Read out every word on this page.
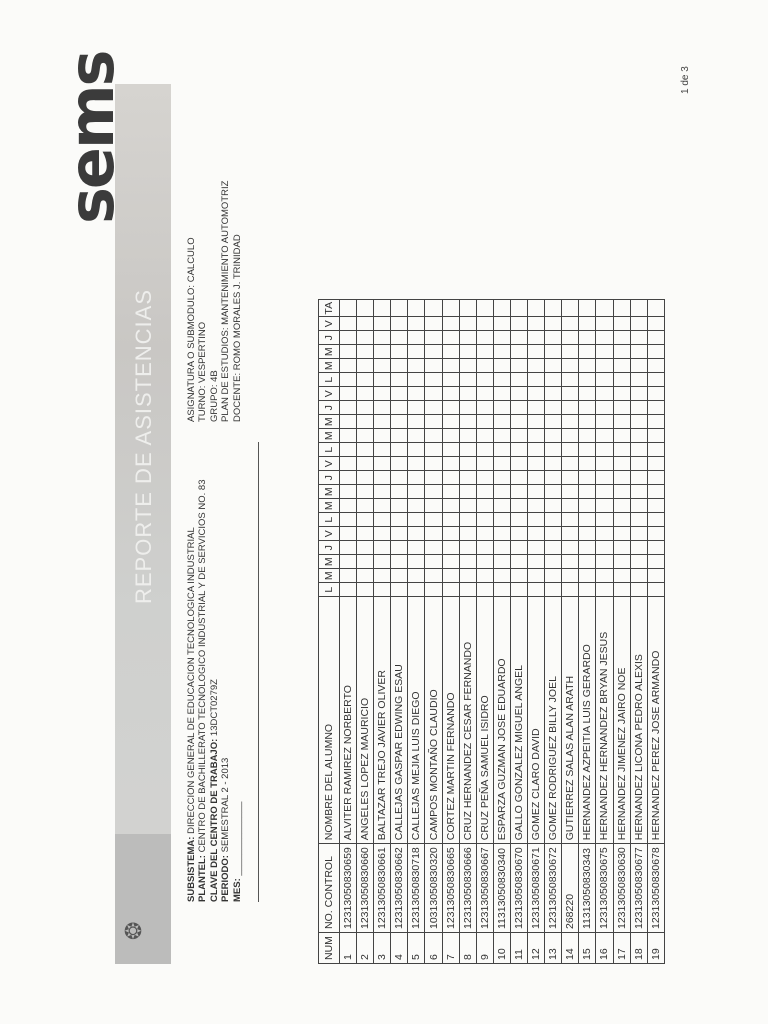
REPORTE DE ASISTENCIAS
❂
sems
SUBSISTEMA: DIRECCION GENERAL DE EDUCACION TECNOLOGICA INDUSTRIAL
PLANTEL: CENTRO DE BACHILLERATO TECNOLOGICO INDUSTRIAL Y DE SERVICIOS NO. 83 CLAVE DEL CENTRO DE TRABAJO: 13DCT0279Z
PERIODO: SEMESTRAL 2 - 2013
MES: ______________
ASIGNATURA O SUBMODULO: CALCULO
TURNO: VESPERTINO
GRUPO: 4B PLAN DE ESTUDIOS: MANTENIMIENTO AUTOMOTRIZ
DOCENTE: ROMO MORALES J. TRINIDAD
NUM	NO. CONTROL	NOMBRE DEL ALUMNO	L	M	M	J	V	L	M	M	J	V	L	M	M	J	V	L	M	M	J	V	TA
1	12313050830659	ALVITER RAMIREZ NORBERTO																					
2	12313050830660	ANGELES LOPEZ MAURICIO																					
3	12313050830661	BALTAZAR TREJO JAVIER OLIVER																					
4	12313050830662	CALLEJAS GASPAR EDWING ESAU																					
5	12313050830718	CALLEJAS MEJIA LUIS DIEGO																					
6	10313050830320	CAMPOS MONTAÑO CLAUDIO																					
7	12313050830665	CORTEZ MARTIN FERNANDO																					
8	12313050830666	CRUZ HERNANDEZ CESAR FERNANDO																					
9	12313050830667	CRUZ PEÑA SAMUEL ISIDRO																					
10	11313050830340	ESPARZA GUZMAN JOSE EDUARDO																					
11	12313050830670	GALLO GONZALEZ MIGUEL ANGEL																					
12	12313050830671	GOMEZ CLARO DAVID																					
13	12313050830672	GOMEZ RODRIGUEZ BILLY JOEL																					
14	268220	GUTIERREZ SALAS ALAN ARATH																					
15	11313050830343	HERNANDEZ AZPEITIA LUIS GERARDO																					
16	12313050830675	HERNANDEZ HERNANDEZ BRYAN JESUS																					
17	12313050830630	HERNANDEZ JIMENEZ JAIRO NOE																					
18	12313050830677	HERNANDEZ LICONA PEDRO ALEXIS																					
19	12313050830678	HERNANDEZ PEREZ JOSE ARMANDO																					
1 de 3
